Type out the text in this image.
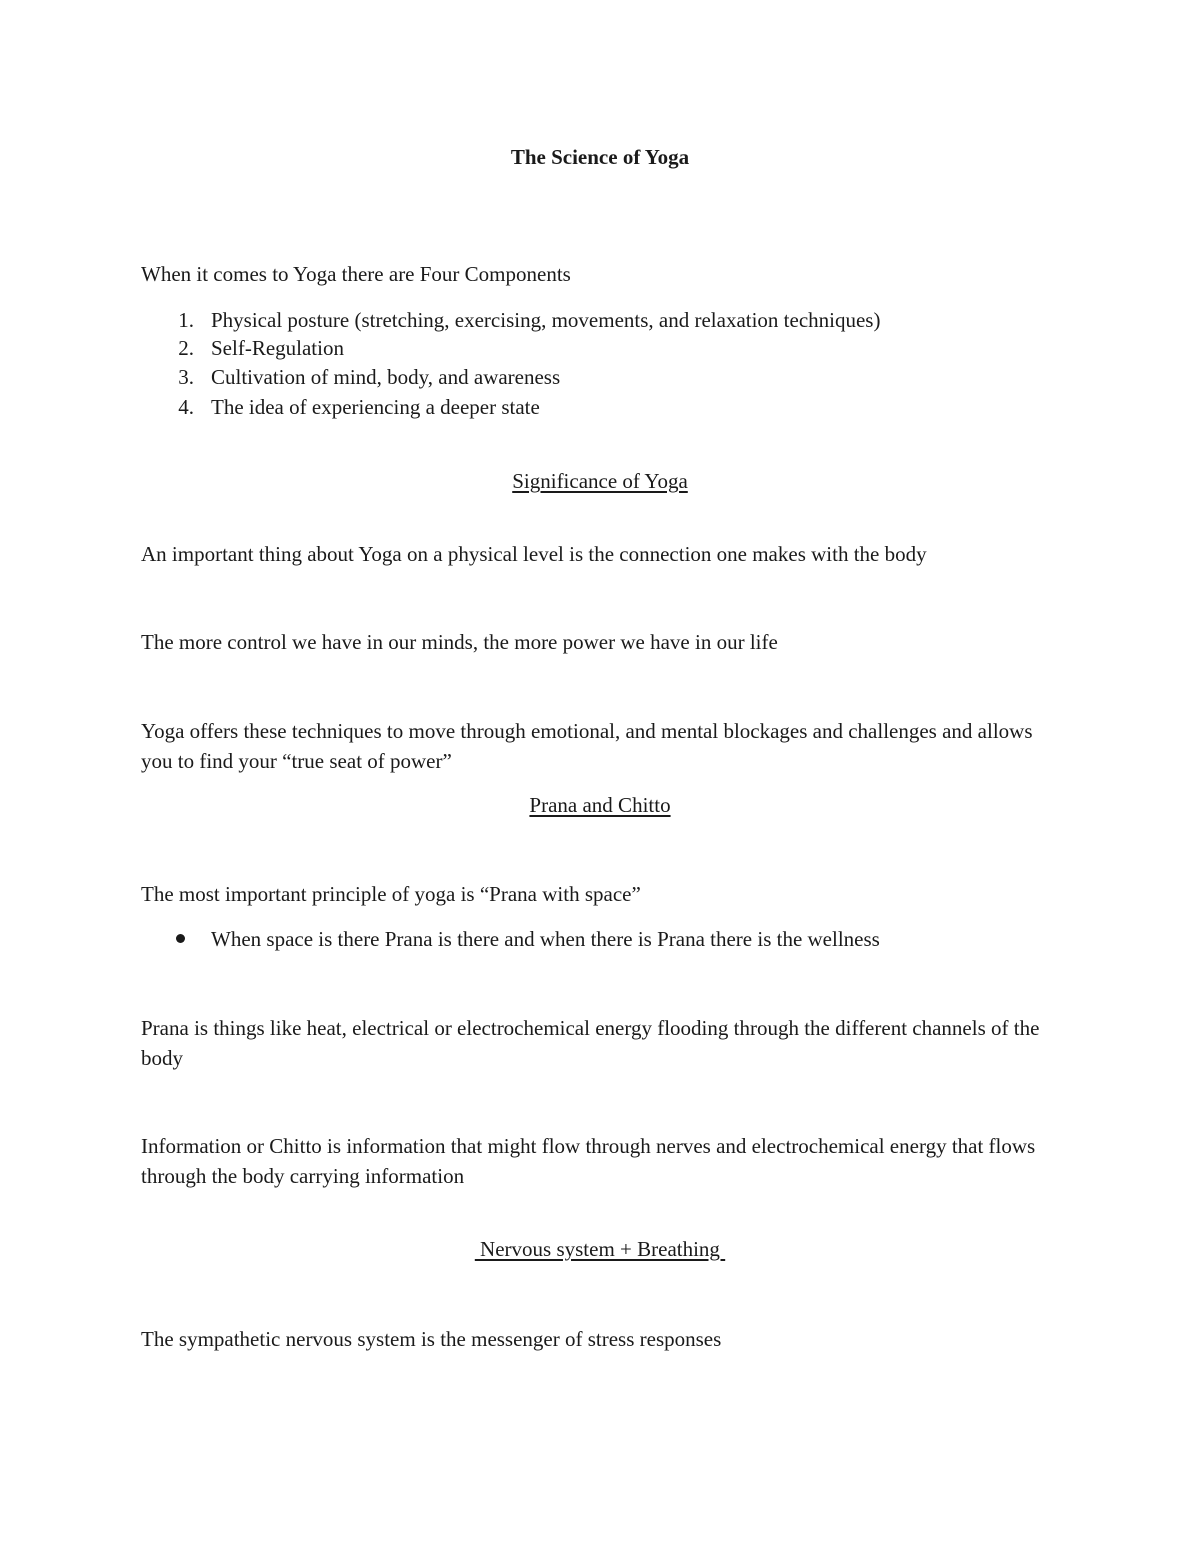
The Science of Yoga
When it comes to Yoga there are Four Components
1. Physical posture (stretching, exercising, movements, and relaxation techniques)
2. Self-Regulation
3. Cultivation of mind, body, and awareness
4. The idea of experiencing a deeper state
Significance of Yoga
An important thing about Yoga on a physical level is the connection one makes with the body
The more control we have in our minds, the more power we have in our life
Yoga offers these techniques to move through emotional, and mental blockages and challenges and allows you to find your “true seat of power”
Prana and Chitto
The most important principle of yoga is “Prana with space”
When space is there Prana is there and when there is Prana there is the wellness
Prana is things like heat, electrical or electrochemical energy flooding through the different channels of the body
Information or Chitto is information that might flow through nerves and electrochemical energy that flows through the body carrying information
Nervous system + Breathing
The sympathetic nervous system is the messenger of stress responses
